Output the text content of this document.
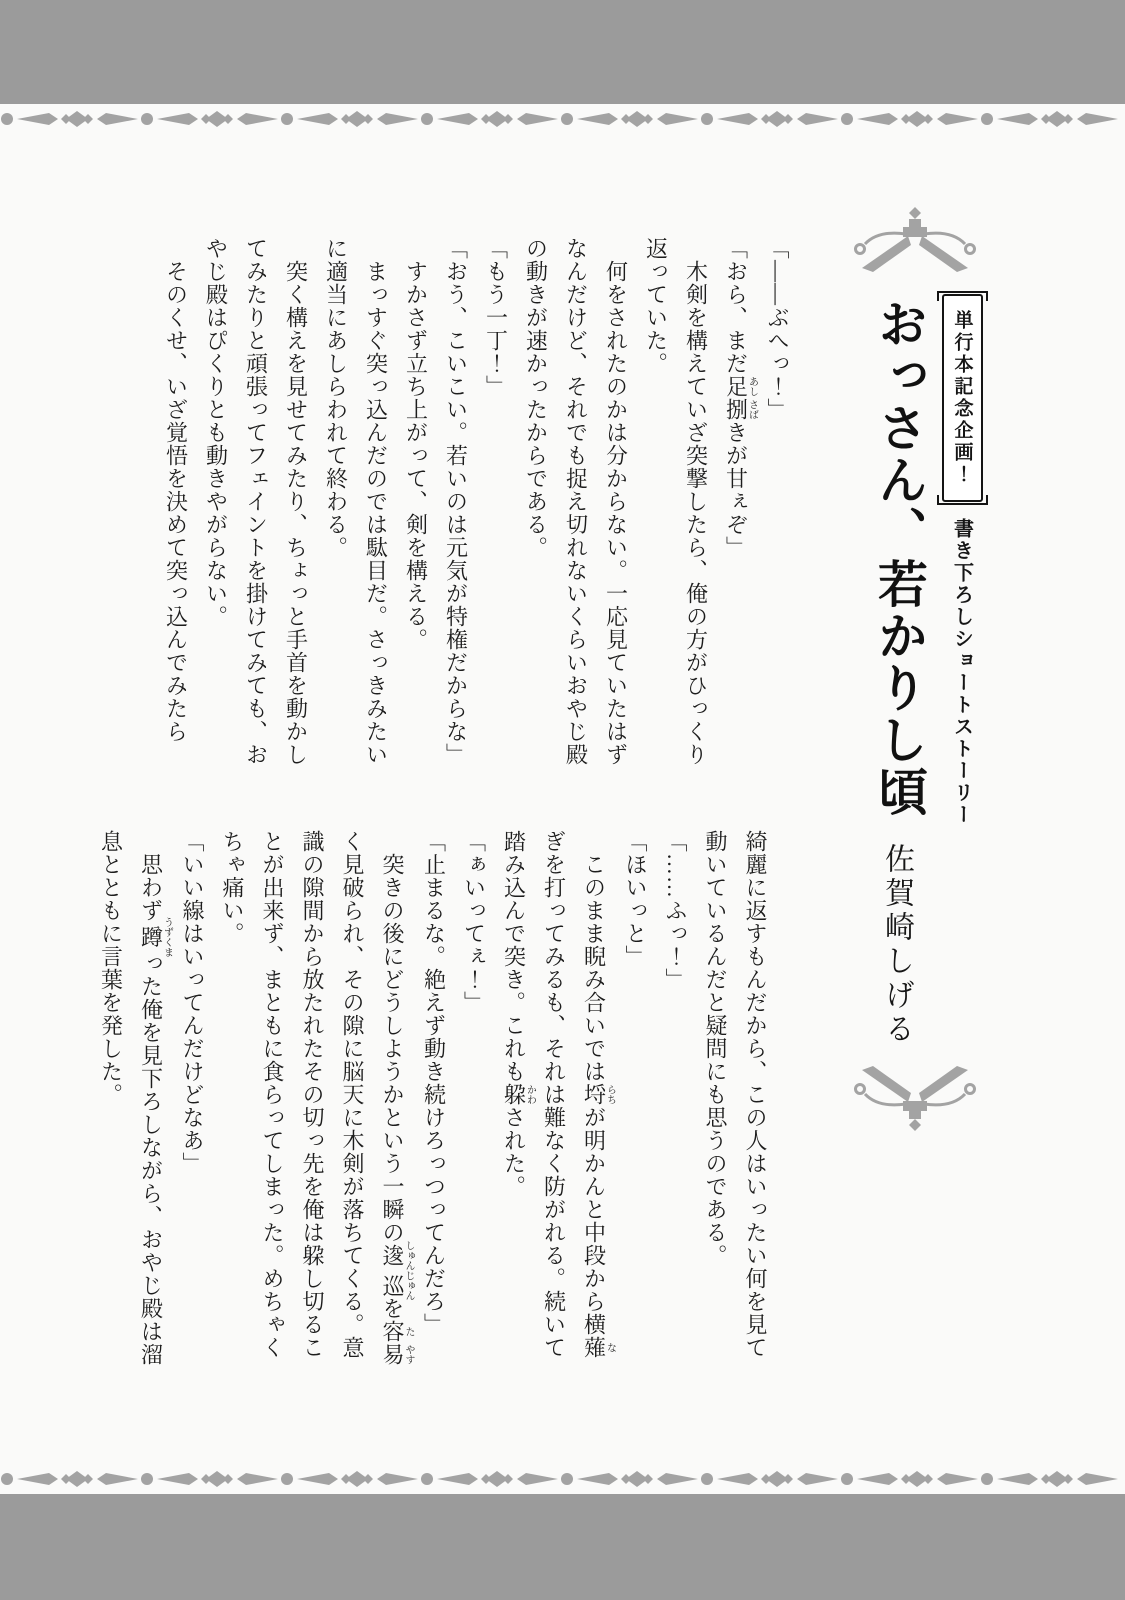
単行本記念企画！
書き下ろしショートストーリー
おっさん、若かりし頃
佐賀崎しげる

「――ぶへっ！」

「おら、まだ足あし捌さばきが甘ぇぞ」

　木剣を構えていざ突撃したら、俺の方がひっくり返っていた。

　何をされたのかは分からない。一応見ていたはずなんだけど、それでも捉え切れないくらいおやじ殿の動きが速かったからである。

「もう一丁！」

「おう、こいこい。若いのは元気が特権だからな」

　すかさず立ち上がって、剣を構える。

　まっすぐ突っ込んだのでは駄目だ。さっきみたいに適当にあしらわれて終わる。

　突く構えを見せてみたり、ちょっと手首を動かしてみたりと頑張ってフェイントを掛けてみても、おやじ殿はぴくりとも動きやがらない。

　そのくせ、いざ覚悟を決めて突っ込んでみたら

綺麗に返すもんだから、この人はいったい何を見て動いているんだと疑問にも思うのである。

「……ふっ！」

「ほいっと」

　このまま睨み合いでは埒らちが明かんと中段から横薙なぎを打ってみるも、それは難なく防がれる。続いて踏み込んで突き。これも躱かわされた。

「ぁいってぇ！」

「止まるな。絶えず動き続けろっつってんだろ」

　突きの後にどうしようかという一瞬の逡しゅん巡じゅんを容た易やすく見破られ、その隙に脳天に木剣が落ちてくる。意識の隙間から放たれたその切っ先を俺は躱し切ることが出来ず、まともに食らってしまった。めちゃくちゃ痛い。

「いい線はいってんだけどなあ」

　思わず蹲うずくまった俺を見下ろしながら、おやじ殿は溜息とともに言葉を発した。
